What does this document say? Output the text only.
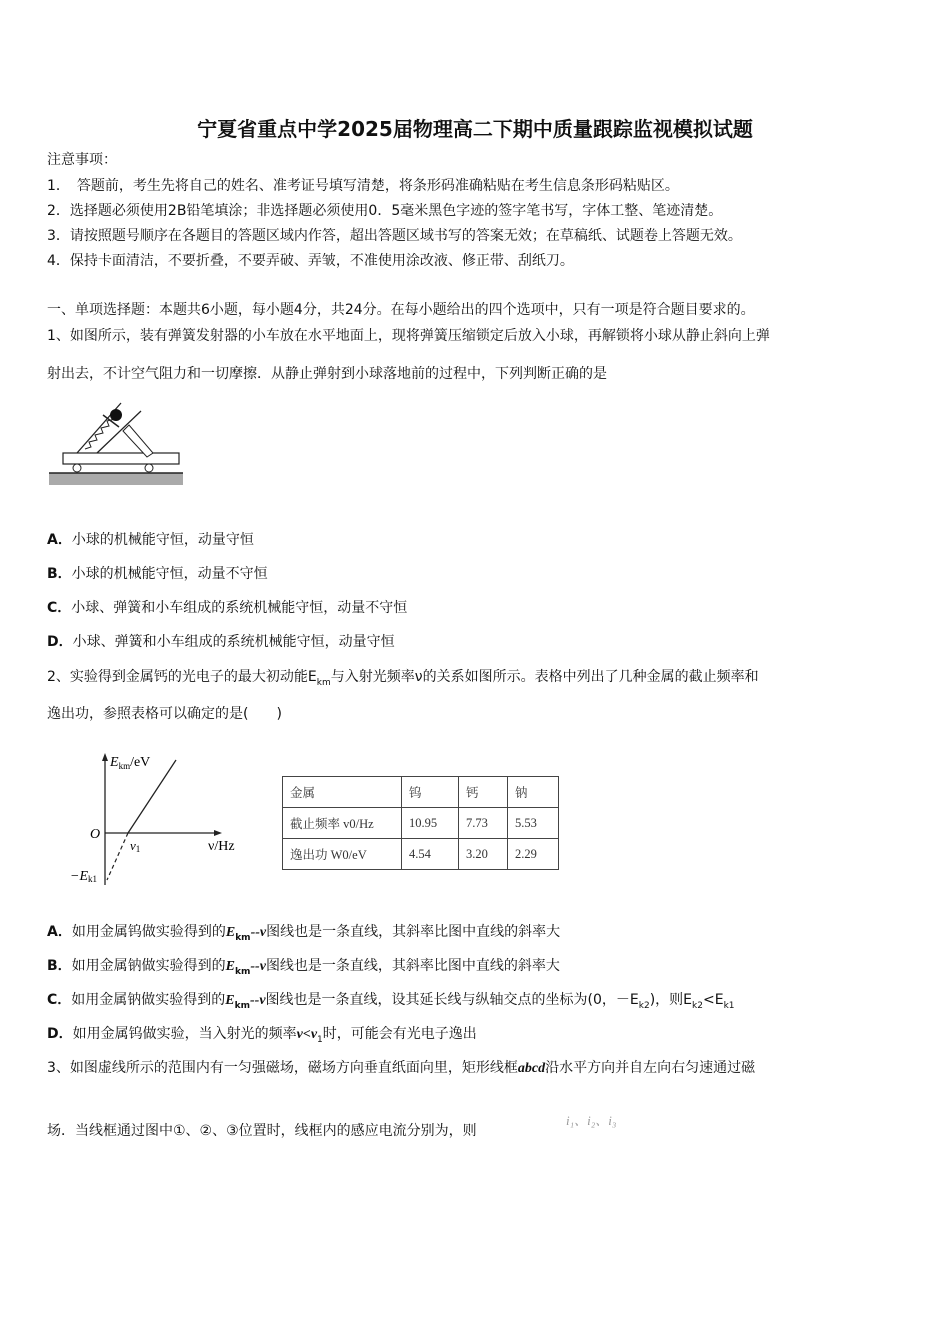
宁夏省重点中学2025届物理高二下期中质量跟踪监视模拟试题
注意事项：
1．　答题前，考生先将自己的姓名、准考证号填写清楚，将条形码准确粘贴在考生信息条形码粘贴区。
2．选择题必须使用2B铅笔填涂；非选择题必须使用0．5毫米黑色字迹的签字笔书写，字体工整、笔迹清楚。
3．请按照题号顺序在各题目的答题区域内作答，超出答题区域书写的答案无效；在草稿纸、试题卷上答题无效。
4．保持卡面清洁，不要折叠，不要弄破、弄皱，不准使用涂改液、修正带、刮纸刀。
一、单项选择题：本题共6小题，每小题4分，共24分。在每小题给出的四个选项中，只有一项是符合题目要求的。
1、如图所示，装有弹簧发射器的小车放在水平地面上，现将弹簧压缩锁定后放入小球，再解锁将小球从静止斜向上弹
射出去，不计空气阻力和一切摩擦．从静止弹射到小球落地前的过程中，下列判断正确的是
A．小球的机械能守恒，动量守恒
B．小球的机械能守恒，动量不守恒
C．小球、弹簧和小车组成的系统机械能守恒，动量不守恒
D．小球、弹簧和小车组成的系统机械能守恒，动量守恒
2、实验得到金属钙的光电子的最大初动能$E_{km}$与入射光频率ν的关系如图所示。表格中列出了几种金属的截止频率和
逸出功，参照表格可以确定的是(　　)
$E_{km}/eV$
O
ν1	ν/Hz
−Ek1
金属	钨	钙	钠
截止频率 v0/Hz	10.95	7.73	5.53
逸出功 W0/eV	4.54	3.20	2.29
A．如用金属钨做实验得到的$E_{km}--\nu$图线也是一条直线，其斜率比图中直线的斜率大
B．如用金属钠做实验得到的$E_{km}--\nu$图线也是一条直线，其斜率比图中直线的斜率大
C．如用金属钠做实验得到的$E_{km}--\nu$图线也是一条直线，设其延长线与纵轴交点的坐标为(0，$-E_{k2}$)，则$E_{k2}<E_{k1}$
D．如用金属钨做实验，当入射光的频率$v<v_1$时，可能会有光电子逸出
3、如图虚线所示的范围内有一匀强磁场，磁场方向垂直纸面向里，矩形线框abcd沿水平方向并自左向右匀速通过磁
场．当线框通过图中①、②、③位置时，线框内的感应电流分别为，则
i₁、i₂、i₃
